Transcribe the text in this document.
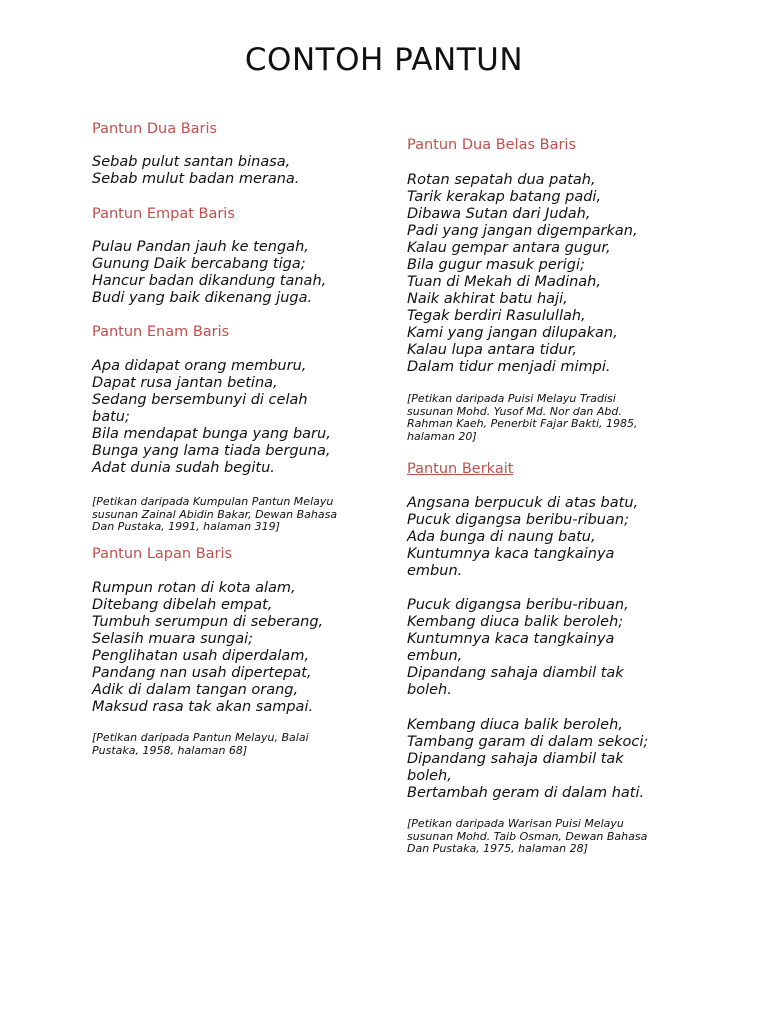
CONTOH PANTUN
Pantun Dua Baris
Sebab pulut santan binasa,
Sebab mulut badan merana.
Pantun Empat Baris
Pulau Pandan jauh ke tengah,
Gunung Daik bercabang tiga;
Hancur badan dikandung tanah,
Budi yang baik dikenang juga.
Pantun Enam Baris
Apa didapat orang memburu,
Dapat rusa jantan betina,
Sedang bersembunyi di celah
batu;
Bila mendapat bunga yang baru,
Bunga yang lama tiada berguna,
Adat dunia sudah begitu.
[Petikan daripada Kumpulan Pantun Melayu
susunan Zainal Abidin Bakar, Dewan Bahasa
Dan Pustaka, 1991, halaman 319]
Pantun Lapan Baris
Rumpun rotan di kota alam,
Ditebang dibelah empat,
Tumbuh serumpun di seberang,
Selasih muara sungai;
Penglihatan usah diperdalam,
Pandang nan usah dipertepat,
Adik di dalam tangan orang,
Maksud rasa tak akan sampai.
[Petikan daripada Pantun Melayu, Balai
Pustaka, 1958, halaman 68]
Pantun Dua Belas Baris
Rotan sepatah dua patah,
Tarik kerakap batang padi,
Dibawa Sutan dari Judah,
Padi yang jangan digemparkan,
Kalau gempar antara gugur,
Bila gugur masuk perigi;
Tuan di Mekah di Madinah,
Naik akhirat batu haji,
Tegak berdiri Rasulullah,
Kami yang jangan dilupakan,
Kalau lupa antara tidur,
Dalam tidur menjadi mimpi.
[Petikan daripada Puisi Melayu Tradisi
susunan Mohd. Yusof Md. Nor dan Abd.
Rahman Kaeh, Penerbit Fajar Bakti, 1985,
halaman 20]
Pantun Berkait
Angsana berpucuk di atas batu,
Pucuk digangsa beribu-ribuan;
Ada bunga di naung batu,
Kuntumnya kaca tangkainya
embun.
Pucuk digangsa beribu-ribuan,
Kembang diuca balik beroleh;
Kuntumnya kaca tangkainya
embun,
Dipandang sahaja diambil tak
boleh.
Kembang diuca balik beroleh,
Tambang garam di dalam sekoci;
Dipandang sahaja diambil tak
boleh,
Bertambah geram di dalam hati.
[Petikan daripada Warisan Puisi Melayu
susunan Mohd. Taib Osman, Dewan Bahasa
Dan Pustaka, 1975, halaman 28]
